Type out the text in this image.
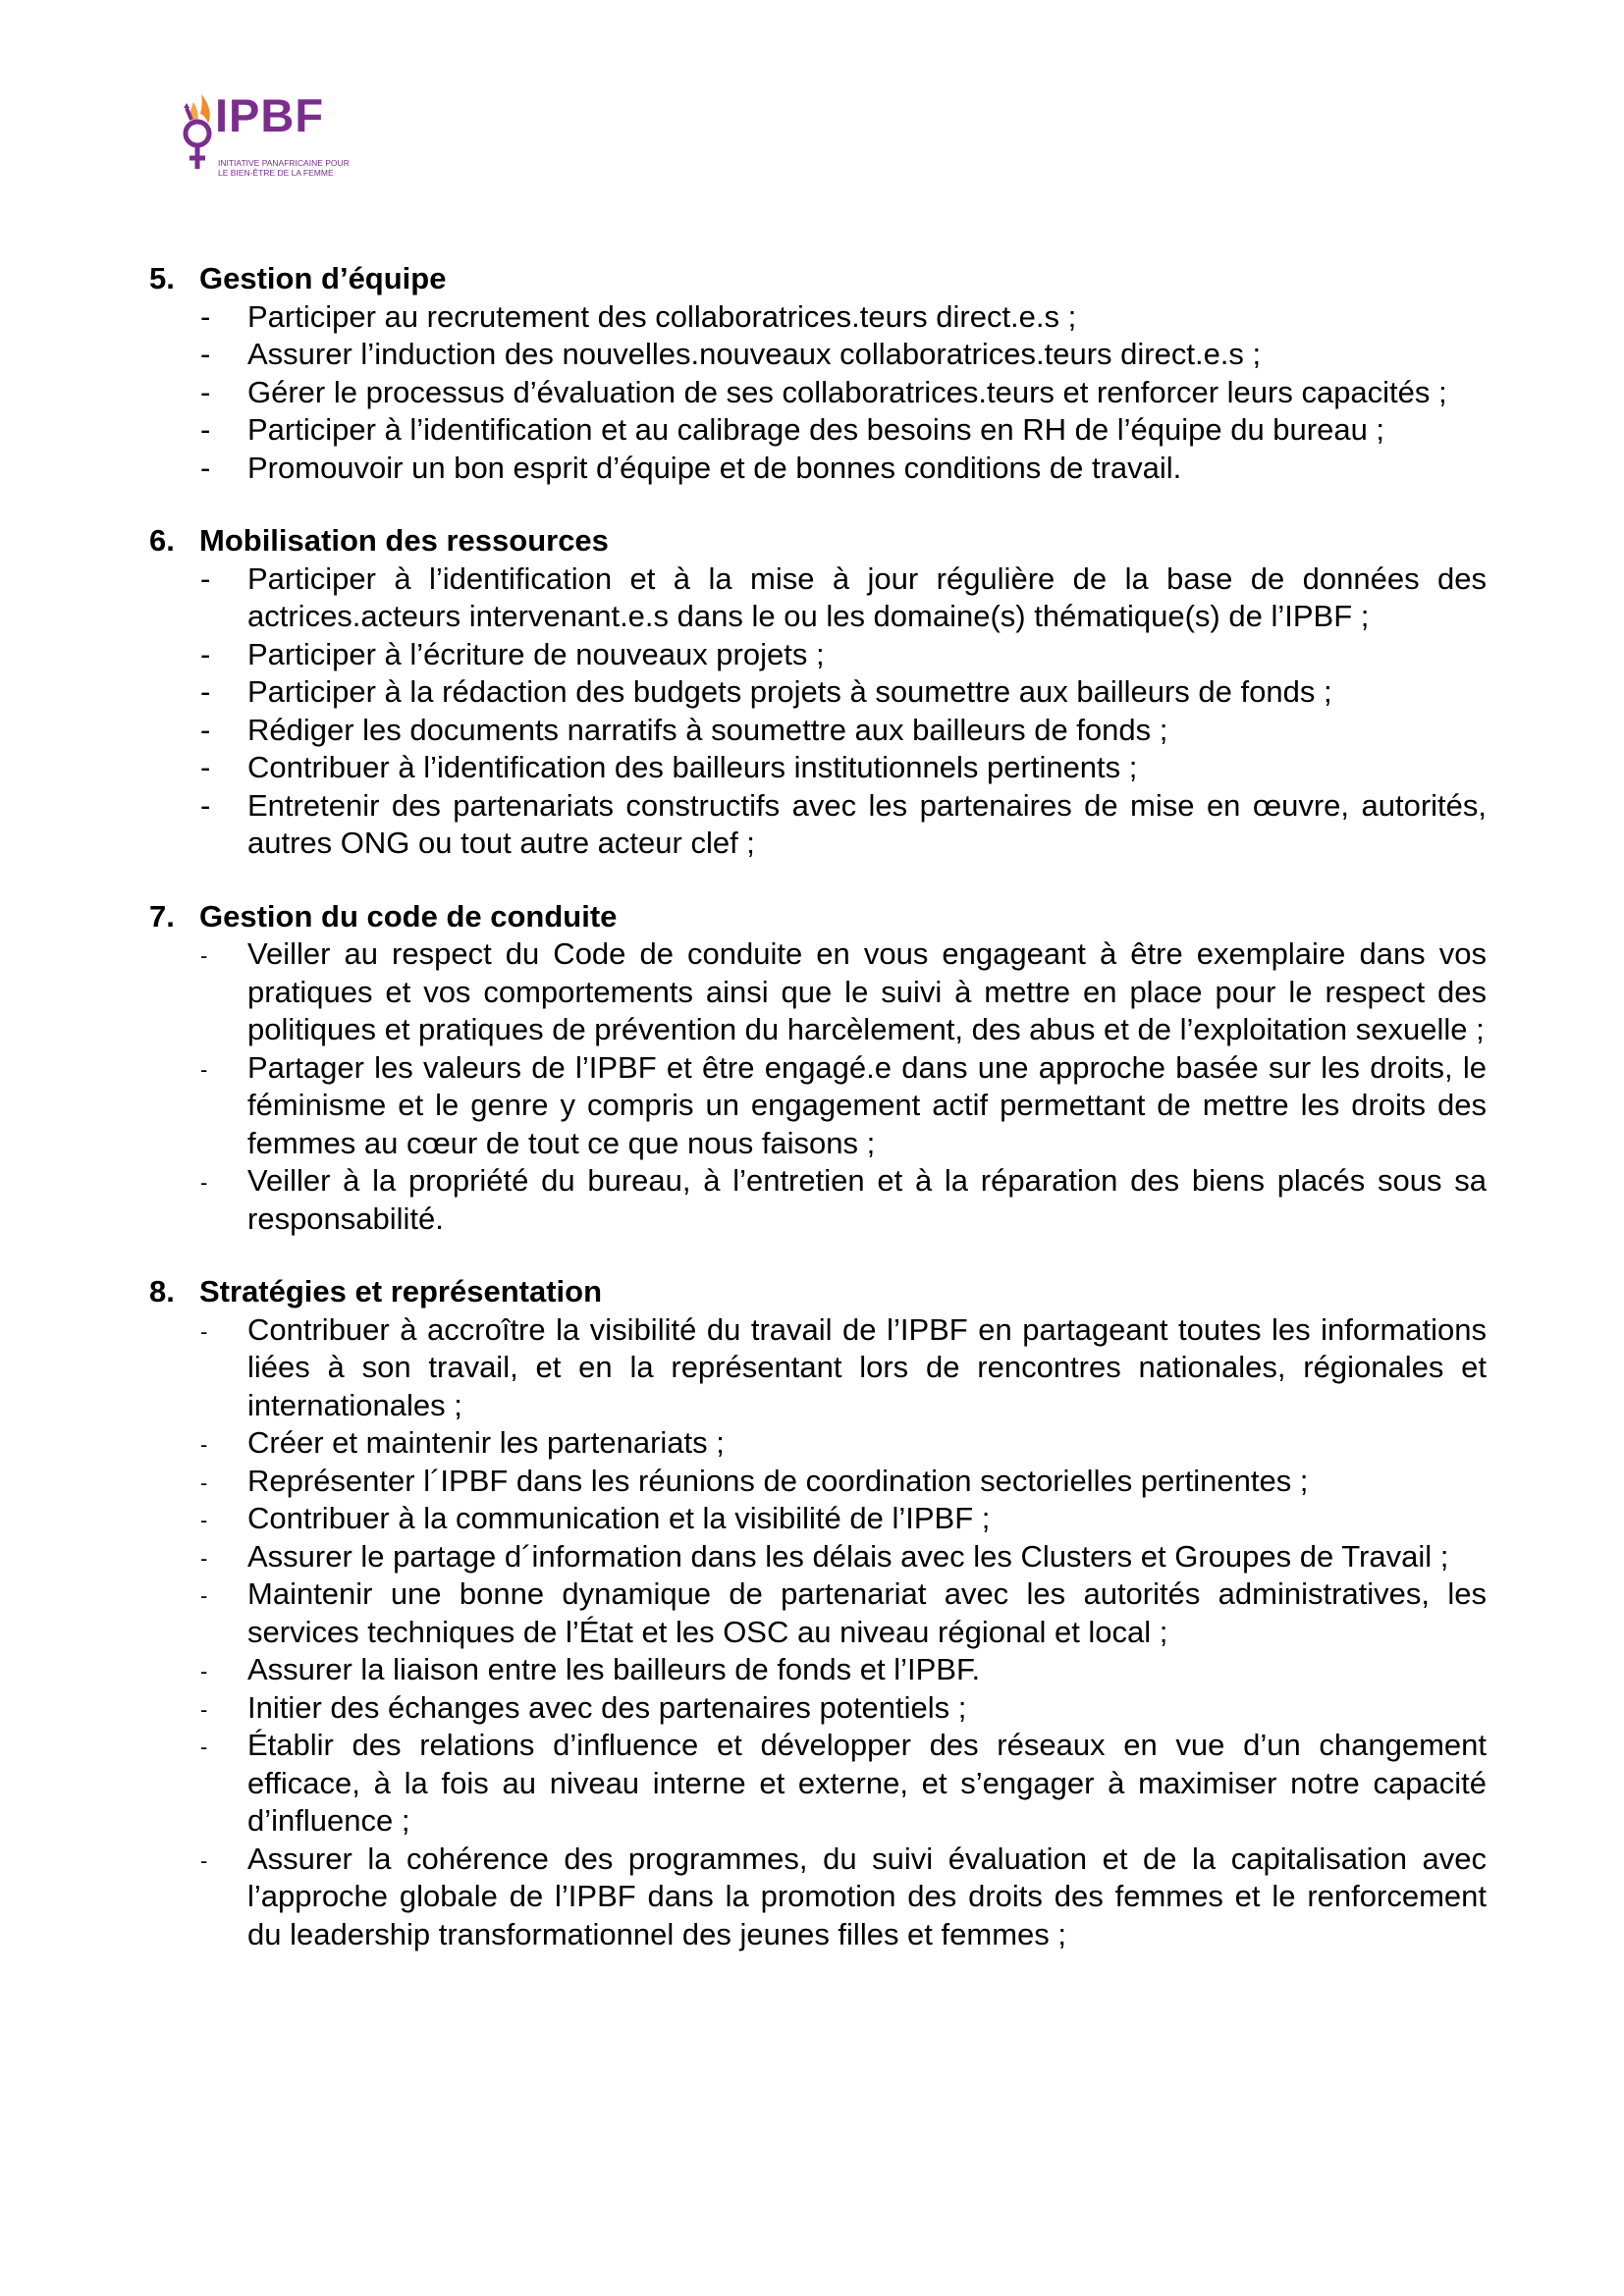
IPBF
INITIATIVE PANAFRICAINE POUR
LE BIEN-ÊTRE DE LA FEMME
5. Gestion d’équipe
- Participer au recrutement des collaboratrices.teurs direct.e.s ;
- Assurer l’induction des nouvelles.nouveaux collaboratrices.teurs direct.e.s ;
- Gérer le processus d’évaluation de ses collaboratrices.teurs et renforcer leurs capacités ;
- Participer à l’identification et au calibrage des besoins en RH de l’équipe du bureau ;
- Promouvoir un bon esprit d’équipe et de bonnes conditions de travail.
6. Mobilisation des ressources
- Participer à l’identification et à la mise à jour régulière de la base de données des actrices.acteurs intervenant.e.s dans le ou les domaine(s) thématique(s) de l’IPBF ;
- Participer à l’écriture de nouveaux projets ;
- Participer à la rédaction des budgets projets à soumettre aux bailleurs de fonds ;
- Rédiger les documents narratifs à soumettre aux bailleurs de fonds ;
- Contribuer à l’identification des bailleurs institutionnels pertinents ;
- Entretenir des partenariats constructifs avec les partenaires de mise en œuvre, autorités, autres ONG ou tout autre acteur clef ;
7. Gestion du code de conduite
- Veiller au respect du Code de conduite en vous engageant à être exemplaire dans vos pratiques et vos comportements ainsi que le suivi à mettre en place pour le respect des politiques et pratiques de prévention du harcèlement, des abus et de l’exploitation sexuelle ;
- Partager les valeurs de l’IPBF et être engagé.e dans une approche basée sur les droits, le féminisme et le genre y compris un engagement actif permettant de mettre les droits des femmes au cœur de tout ce que nous faisons ;
- Veiller à la propriété du bureau, à l’entretien et à la réparation des biens placés sous sa responsabilité.
8. Stratégies et représentation
- Contribuer à accroître la visibilité du travail de l’IPBF en partageant toutes les informations liées à son travail, et en la représentant lors de rencontres nationales, régionales et internationales ;
- Créer et maintenir les partenariats ;
- Représenter l´IPBF dans les réunions de coordination sectorielles pertinentes ;
- Contribuer à la communication et la visibilité de l’IPBF ;
- Assurer le partage d´information dans les délais avec les Clusters et Groupes de Travail ;
- Maintenir une bonne dynamique de partenariat avec les autorités administratives, les services techniques de l’État et les OSC au niveau régional et local ;
- Assurer la liaison entre les bailleurs de fonds et l’IPBF.
- Initier des échanges avec des partenaires potentiels ;
- Établir des relations d’influence et développer des réseaux en vue d’un changement efficace, à la fois au niveau interne et externe, et s’engager à maximiser notre capacité d’influence ;
- Assurer la cohérence des programmes, du suivi évaluation et de la capitalisation avec l’approche globale de l’IPBF dans la promotion des droits des femmes et le renforcement du leadership transformationnel des jeunes filles et femmes ;
